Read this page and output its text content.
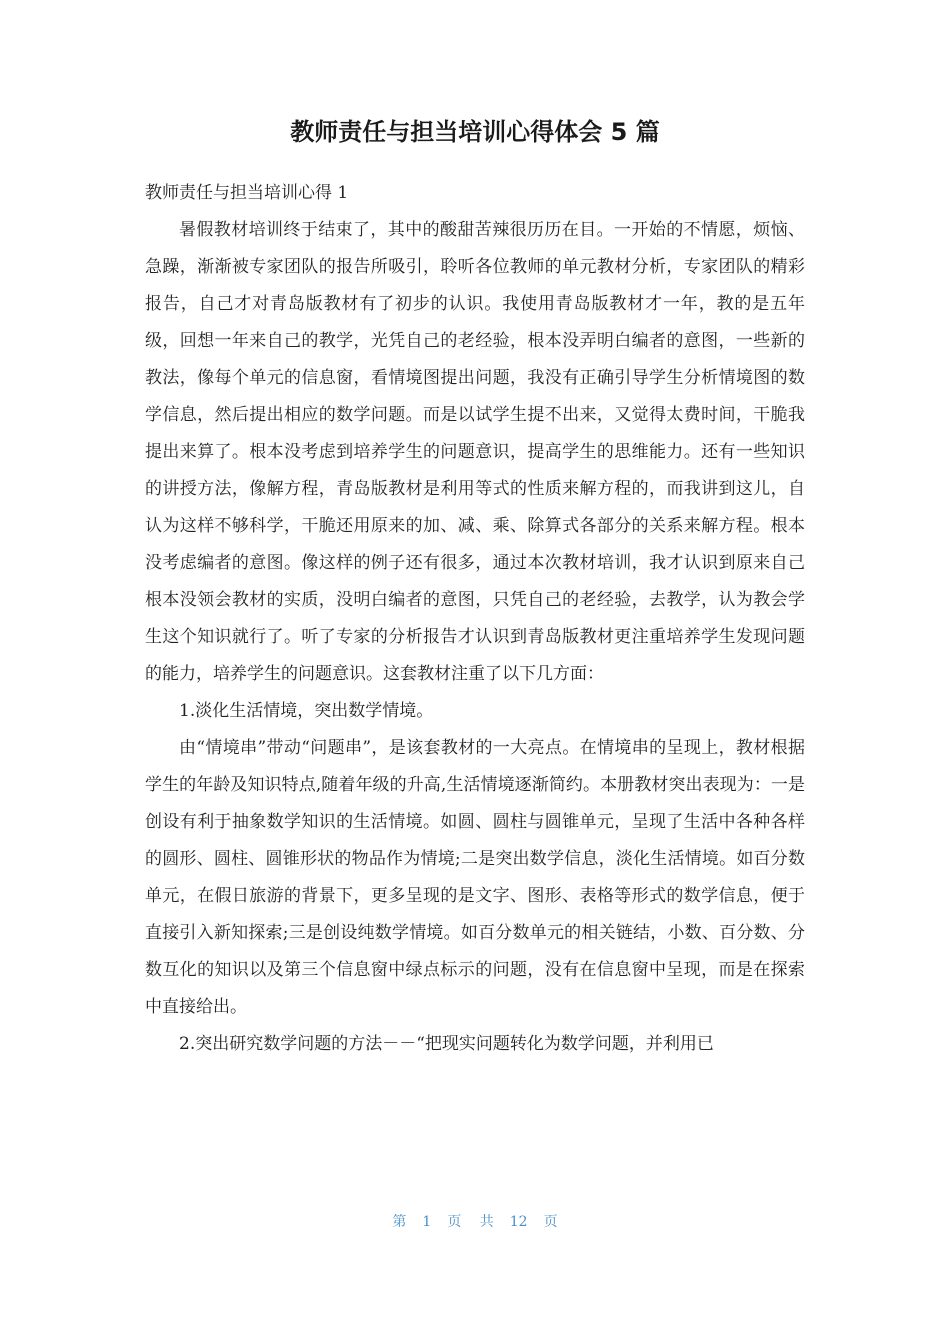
教师责任与担当培训心得体会 5 篇

教师责任与担当培训心得 1

暑假教材培训终于结束了，其中的酸甜苦辣很历历在目。一开始的不情愿，烦恼、急躁，渐渐被专家团队的报告所吸引，聆听各位教师的单元教材分析，专家团队的精彩报告，自己才对青岛版教材有了初步的认识。我使用青岛版教材才一年，教的是五年级，回想一年来自己的教学，光凭自己的老经验，根本没弄明白编者的意图，一些新的教法，像每个单元的信息窗，看情境图提出问题，我没有正确引导学生分析情境图的数学信息，然后提出相应的数学问题。而是以试学生提不出来，又觉得太费时间，干脆我提出来算了。根本没考虑到培养学生的问题意识，提高学生的思维能力。还有一些知识的讲授方法，像解方程，青岛版教材是利用等式的性质来解方程的，而我讲到这儿，自认为这样不够科学，干脆还用原来的加、减、乘、除算式各部分的关系来解方程。根本没考虑编者的意图。像这样的例子还有很多，通过本次教材培训，我才认识到原来自己根本没领会教材的实质，没明白编者的意图，只凭自己的老经验，去教学，认为教会学生这个知识就行了。听了专家的分析报告才认识到青岛版教材更注重培养学生发现问题的能力，培养学生的问题意识。这套教材注重了以下几方面：

1.淡化生活情境，突出数学情境。

由“情境串”带动“问题串”，是该套教材的一大亮点。在情境串的呈现上，教材根据学生的年龄及知识特点,随着年级的升高,生活情境逐渐简约。本册教材突出表现为：一是创设有利于抽象数学知识的生活情境。如圆、圆柱与圆锥单元，呈现了生活中各种各样的圆形、圆柱、圆锥形状的物品作为情境;二是突出数学信息，淡化生活情境。如百分数单元，在假日旅游的背景下，更多呈现的是文字、图形、表格等形式的数学信息，便于直接引入新知探索;三是创设纯数学情境。如百分数单元的相关链结，小数、百分数、分数互化的知识以及第三个信息窗中绿点标示的问题，没有在信息窗中呈现，而是在探索中直接给出。

2.突出研究数学问题的方法－－“把现实问题转化为数学问题，并利用已

第 1 页 共 12 页
